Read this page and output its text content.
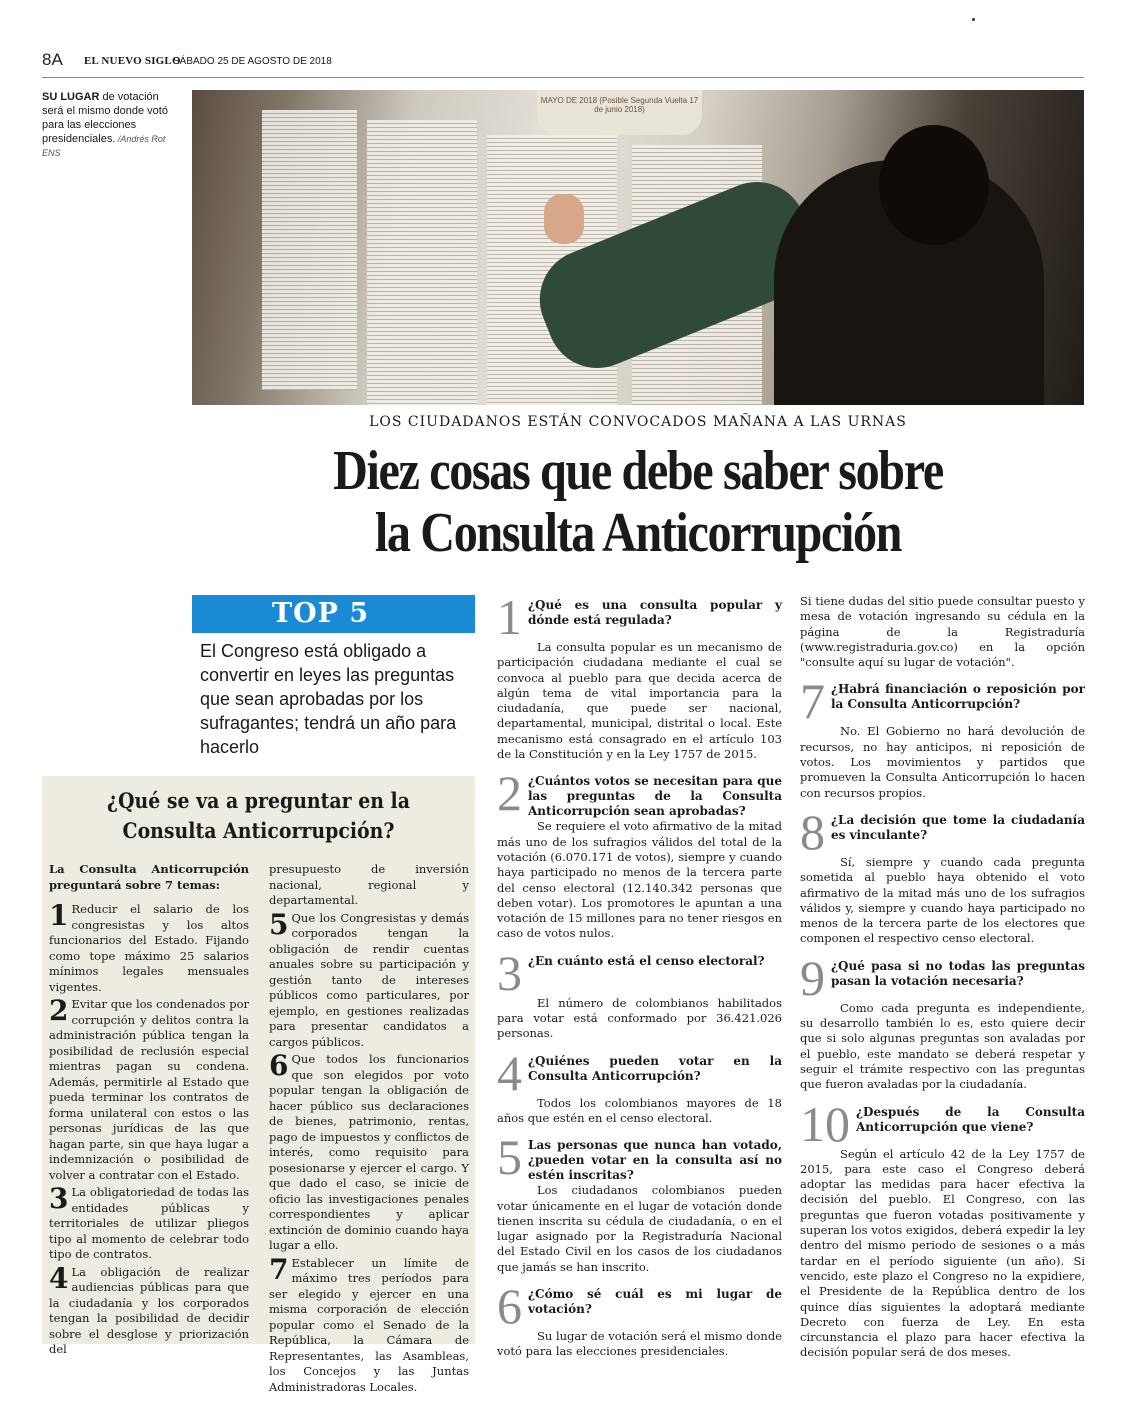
8A EL NUEVO SIGLO
SÁBADO 25 DE AGOSTO DE 2018
SU LUGAR de votación será el mismo donde votó para las elecciones presidenciales. /Andrés Rot ENS
MAYO DE 2018 (Posible Segunda Vuelta 17 de junio 2018)
LOS CIUDADANOS ESTÁN CONVOCADOS MAÑANA A LAS URNAS
Diez cosas que debe saber sobre
la Consulta Anticorrupción
TOP 5
El Congreso está obligado a convertir en leyes las preguntas que sean aprobadas por los sufragantes; tendrá un año para hacerlo
¿Qué se va a preguntar en la
Consulta Anticorrupción?
La Consulta Anticorrupción preguntará sobre 7 temas:
1 Reducir el salario de los congresistas y los altos funcionarios del Estado. Fijando como tope máximo 25 salarios mínimos legales mensuales vigentes.
2 Evitar que los condenados por corrupción y delitos contra la administración pública tengan la posibilidad de reclusión especial mientras pagan su condena. Además, permitirle al Estado que pueda terminar los contratos de forma unilateral con estos o las personas jurídicas de las que hagan parte, sin que haya lugar a indemnización o posibilidad de volver a contratar con el Estado.
3 La obligatoriedad de todas las entidades públicas y territoriales de utilizar pliegos tipo al momento de celebrar todo tipo de contratos.
4 La obligación de realizar audiencias públicas para que la ciudadanía y los corporados tengan la posibilidad de decidir sobre el desglose y priorización del
presupuesto de inversión nacional, regional y departamental.
5 Que los Congresistas y demás corporados tengan la obligación de rendir cuentas anuales sobre su participación y gestión tanto de intereses públicos como particulares, por ejemplo, en gestiones realizadas para presentar candidatos a cargos públicos.
6 Que todos los funcionarios que son elegidos por voto popular tengan la obligación de hacer público sus declaraciones de bienes, patrimonio, rentas, pago de impuestos y conflictos de interés, como requisito para posesionarse y ejercer el cargo. Y que dado el caso, se inicie de oficio las investigaciones penales correspondientes y aplicar extinción de dominio cuando haya lugar a ello.
7 Establecer un límite de máximo tres períodos para ser elegido y ejercer en una misma corporación de elección popular como el Senado de la República, la Cámara de Representantes, las Asambleas, los Concejos y las Juntas Administradoras Locales.
1 ¿Qué es una consulta popular y dónde está regulada?
La consulta popular es un mecanismo de participación ciudadana mediante el cual se convoca al pueblo para que decida acerca de algún tema de vital importancia para la ciudadanía, que puede ser nacional, departamental, municipal, distrital o local. Este mecanismo está consagrado en el artículo 103 de la Constitución y en la Ley 1757 de 2015.
2 ¿Cuántos votos se necesitan para que las preguntas de la Consulta Anticorrupción sean aprobadas?
Se requiere el voto afirmativo de la mitad más uno de los sufragios válidos del total de la votación (6.070.171 de votos), siempre y cuando haya participado no menos de la tercera parte del censo electoral (12.140.342 personas que deben votar). Los promotores le apuntan a una votación de 15 millones para no tener riesgos en caso de votos nulos.
3 ¿En cuánto está el censo electoral?
El número de colombianos habilitados para votar está conformado por 36.421.026 personas.
4 ¿Quiénes pueden votar en la Consulta Anticorrupción?
Todos los colombianos mayores de 18 años que estén en el censo electoral.
5 Las personas que nunca han votado, ¿pueden votar en la consulta así no estén inscritas?
Los ciudadanos colombianos pueden votar únicamente en el lugar de votación donde tienen inscrita su cédula de ciudadanía, o en el lugar asignado por la Registraduría Nacional del Estado Civil en los casos de los ciudadanos que jamás se han inscrito.
6 ¿Cómo sé cuál es mi lugar de votación?
Su lugar de votación será el mismo donde votó para las elecciones presidenciales.
Si tiene dudas del sitio puede consultar puesto y mesa de votación ingresando su cédula en la página de la Registraduría (www.registraduria.gov.co) en la opción "consulte aquí su lugar de votación".
7 ¿Habrá financiación o reposición por la Consulta Anticorrupción?
No. El Gobierno no hará devolución de recursos, no hay anticipos, ni reposición de votos. Los movimientos y partidos que promueven la Consulta Anticorrupción lo hacen con recursos propios.
8 ¿La decisión que tome la ciudadanía es vinculante?
Sí, siempre y cuando cada pregunta sometida al pueblo haya obtenido el voto afirmativo de la mitad más uno de los sufragios válidos y, siempre y cuando haya participado no menos de la tercera parte de los electores que componen el respectivo censo electoral.
9 ¿Qué pasa si no todas las preguntas pasan la votación necesaria?
Como cada pregunta es independiente, su desarrollo también lo es, esto quiere decir que si solo algunas preguntas son avaladas por el pueblo, este mandato se deberá respetar y seguir el trámite respectivo con las preguntas que fueron avaladas por la ciudadanía.
10 ¿Después de la Consulta Anticorrupción que viene?
Según el artículo 42 de la Ley 1757 de 2015, para este caso el Congreso deberá adoptar las medidas para hacer efectiva la decisión del pueblo. El Congreso, con las preguntas que fueron votadas positivamente y superan los votos exigidos, deberá expedir la ley dentro del mismo periodo de sesiones o a más tardar en el período siguiente (un año). Si vencido, este plazo el Congreso no la expidiere, el Presidente de la República dentro de los quince días siguientes la adoptará mediante Decreto con fuerza de Ley. En esta circunstancia el plazo para hacer efectiva la decisión popular será de dos meses.
